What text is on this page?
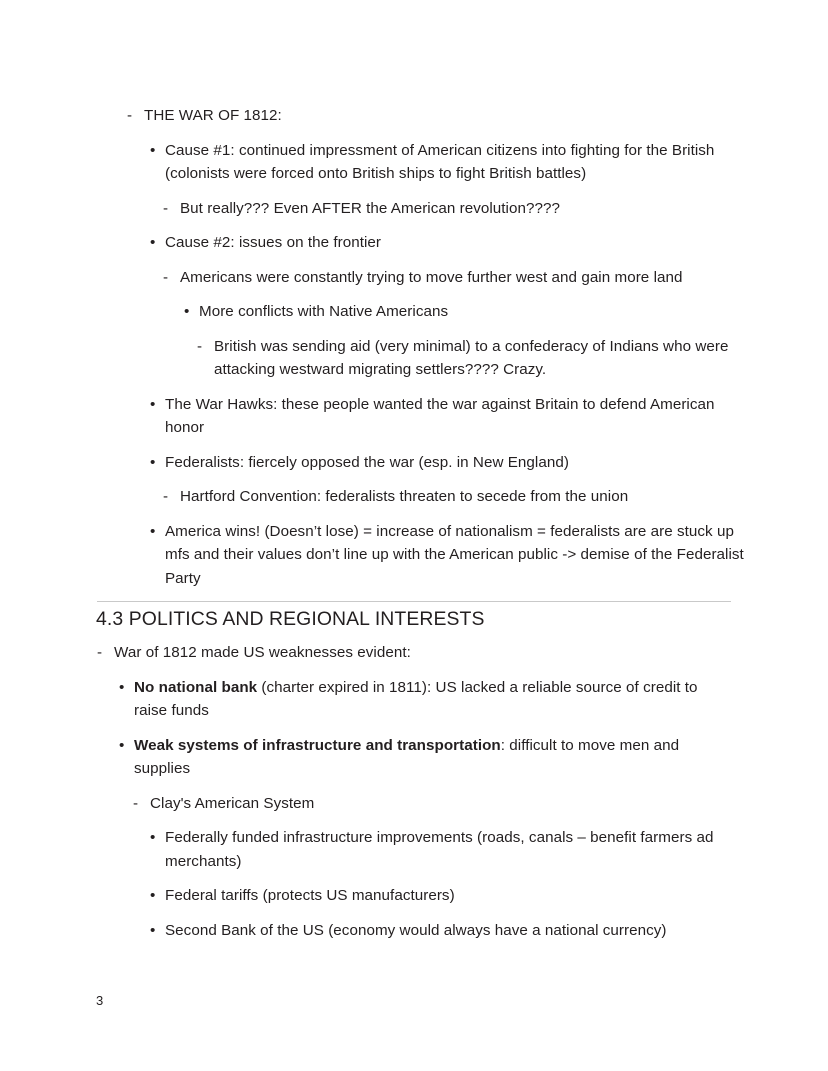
- THE WAR OF 1812:
• Cause #1: continued impressment of American citizens into fighting for the British (colonists were forced onto British ships to fight British battles)
- But really??? Even AFTER the American revolution????
• Cause #2: issues on the frontier
- Americans were constantly trying to move further west and gain more land
• More conflicts with Native Americans
- British was sending aid (very minimal) to a confederacy of Indians who were attacking westward migrating settlers???? Crazy.
• The War Hawks: these people wanted the war against Britain to defend American honor
• Federalists: fiercely opposed the war (esp. in New England)
- Hartford Convention: federalists threaten to secede from the union
• America wins! (Doesn’t lose) = increase of nationalism = federalists are are stuck up mfs and their values don’t line up with the American public -> demise of the Federalist Party
4.3 POLITICS AND REGIONAL INTERESTS
- War of 1812 made US weaknesses evident:
• No national bank (charter expired in 1811): US lacked a reliable source of credit to raise funds
• Weak systems of infrastructure and transportation: difficult to move men and supplies
- Clay's American System
• Federally funded infrastructure improvements (roads, canals – benefit farmers ad merchants)
• Federal tariffs (protects US manufacturers)
• Second Bank of the US (economy would always have a national currency)
3
